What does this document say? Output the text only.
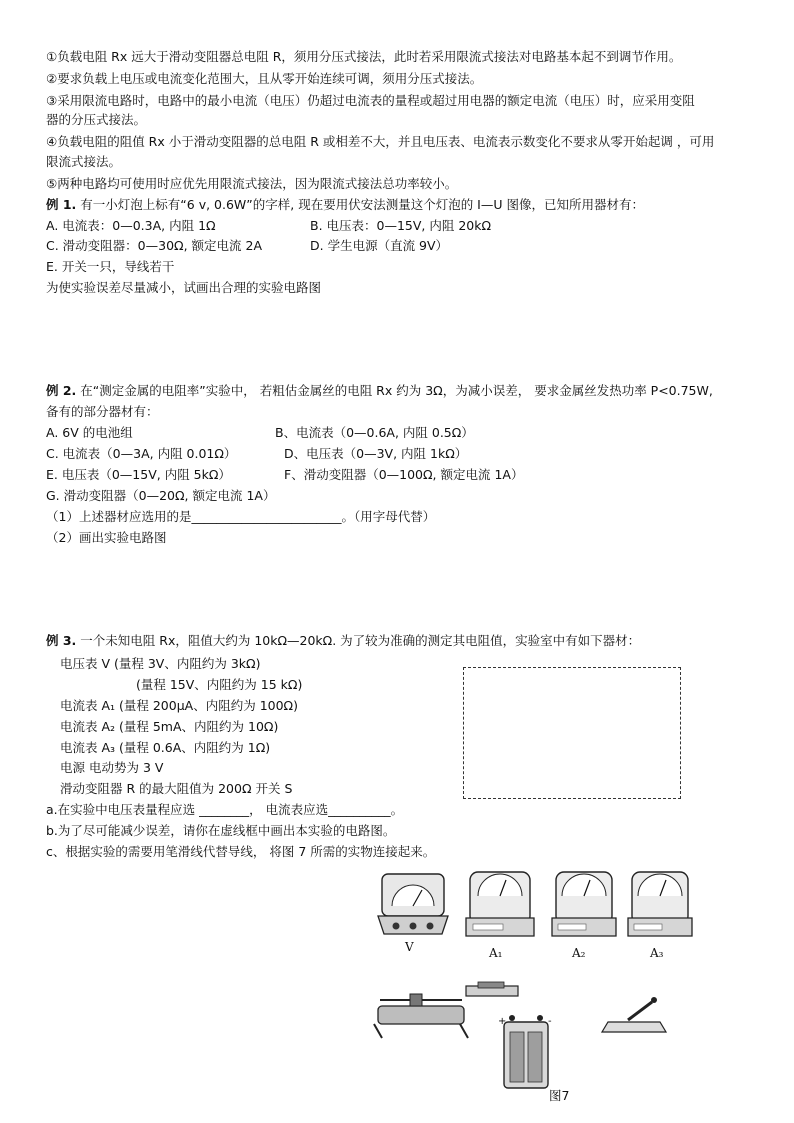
①负载电阻 Rx 远大于滑动变阻器总电阻 R，须用分压式接法，此时若采用限流式接法对电路基本起不到调节作用。
②要求负载上电压或电流变化范围大，且从零开始连续可调，须用分压式接法。
③采用限流电路时，电路中的最小电流（电压）仍超过电流表的量程或超过用电器的额定电流（电压）时，应采用变阻
器的分压式接法。
④负载电阻的阻值 Rx 小于滑动变阻器的总电阻 R 或相差不大，并且电压表、电流表示数变化不要求从零开始起调 ，可用
限流式接法。
⑤两种电路均可使用时应优先用限流式接法，因为限流式接法总功率较小。
例 1. 有一小灯泡上标有“6 v, 0.6W”的字样, 现在要用伏安法测量这个灯泡的 I—U 图像，已知所用器材有：
A. 电流表：0—0.3A, 内阻 1Ω	B. 电压表：0—15V, 内阻 20kΩ
C. 滑动变阻器：0—30Ω, 额定电流 2A	D. 学生电源（直流 9V）
E. 开关一只，导线若干
为使实验误差尽量减小，试画出合理的实验电路图
例 2. 在“测定金属的电阻率”实验中， 若粗估金属丝的电阻 Rx 约为 3Ω，为减小误差， 要求金属丝发热功率 P<0.75W,
备有的部分器材有：
A. 6V 的电池组	B、电流表（0—0.6A, 内阻 0.5Ω）
C. 电流表（0—3A, 内阻 0.01Ω）	D、电压表（0—3V, 内阻 1kΩ）
E. 电压表（0—15V, 内阻 5kΩ）	F、滑动变阻器（0—100Ω, 额定电流 1A）
G. 滑动变阻器（0—20Ω, 额定电流 1A）
（1）上述器材应选用的是________________________。（用字母代替）
（2）画出实验电路图
例 3. 一个未知电阻 Rx，阻值大约为 10kΩ—20kΩ. 为了较为准确的测定其电阻值，实验室中有如下器材：
电压表 V (量程 3V、内阻约为 3kΩ)
(量程 15V、内阻约为 15 kΩ)
电流表 A₁ (量程 200μA、内阻约为 100Ω)
电流表 A₂ (量程 5mA、内阻约为 10Ω)
电流表 A₃ (量程 0.6A、内阻约为 1Ω)
电源 电动势为 3 V
滑动变阻器 R 的最大阻值为 200Ω 开关 S
a.在实验中电压表量程应选 ________， 电流表应选__________。
b.为了尽可能减少误差，请你在虚线框中画出本实验的电路图。
c、根据实验的需要用笔滑线代替导线， 将图 7 所需的实物连接起来。
+	-
V	A₁	A₂	A₃
图7
